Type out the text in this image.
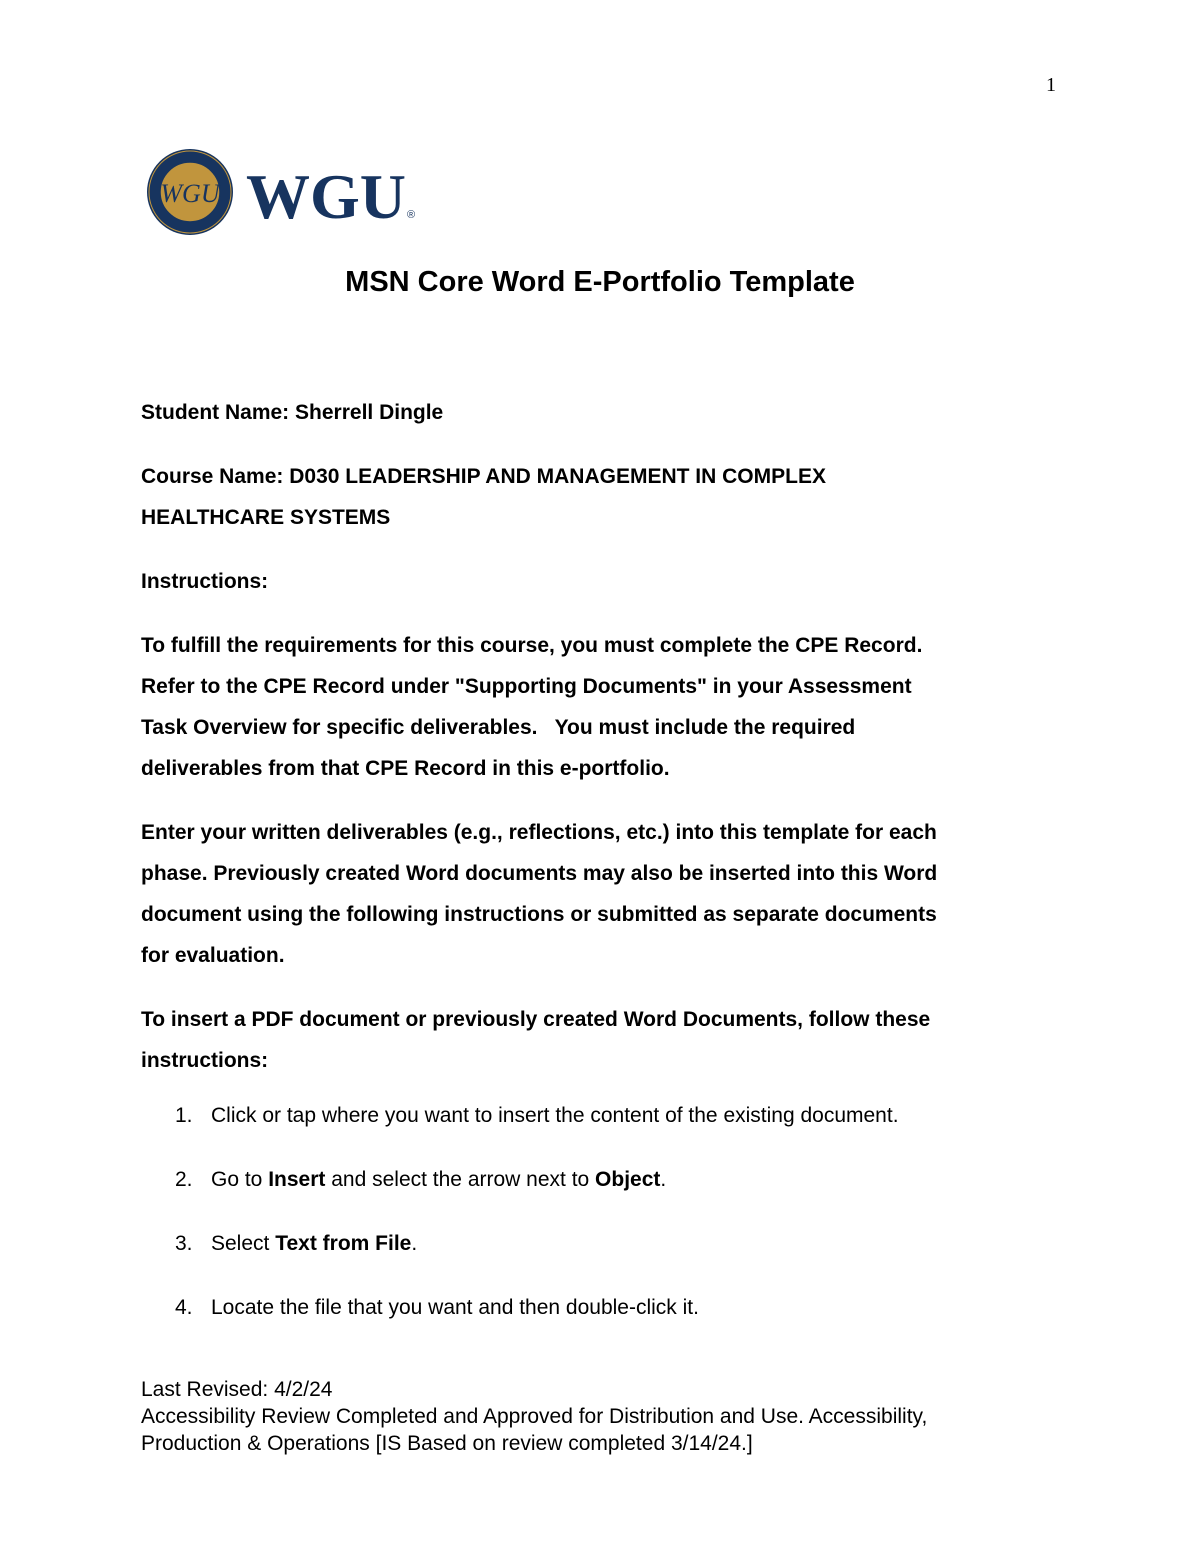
1
WGU WGU ®
MSN Core Word E-Portfolio Template

Student Name: Sherrell Dingle

Course Name: D030 LEADERSHIP AND MANAGEMENT IN COMPLEX

HEALTHCARE SYSTEMS

Instructions:

To fulfill the requirements for this course, you must complete the CPE Record.
Refer to the CPE Record under "Supporting Documents" in your Assessment
Task Overview for specific deliverables.   You must include the required
deliverables from that CPE Record in this e-portfolio.
Enter your written deliverables (e.g., reflections, etc.) into this template for each
phase. Previously created Word documents may also be inserted into this Word
document using the following instructions or submitted as separate documents
for evaluation.
To insert a PDF document or previously created Word Documents, follow these
instructions:
1. Click or tap where you want to insert the content of the existing document.
2. Go to Insert and select the arrow next to Object.
3. Select Text from File.
4. Locate the file that you want and then double-click it.
Last Revised: 4/2/24
Accessibility Review Completed and Approved for Distribution and Use. Accessibility,
Production & Operations [IS Based on review completed 3/14/24.]
